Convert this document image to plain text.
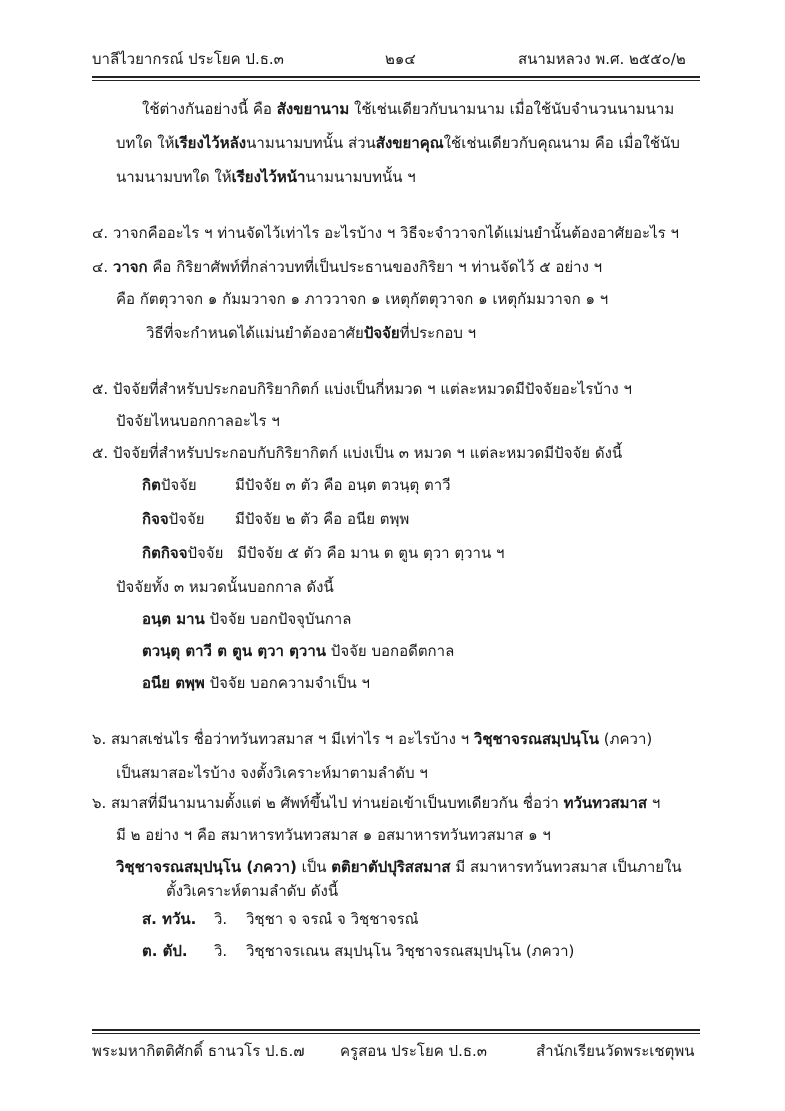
บาลีไวยากรณ์ ประโยค ป.ธ.๓	๒๑๔	สนามหลวง พ.ศ. ๒๕๕๐/๒
ใช้ต่างกันอย่างนี้ คือ สังขยานาม ใช้เช่นเดียวกับนามนาม เมื่อใช้นับจำนวนนามนาม
บทใด ให้เรียงไว้หลังนามนามบทนั้น ส่วนสังขยาคุณใช้เช่นเดียวกับคุณนาม คือ เมื่อใช้นับ
นามนามบทใด ให้เรียงไว้หน้านามนามบทนั้น ฯ
๔. วาจกคืออะไร ฯ ท่านจัดไว้เท่าไร อะไรบ้าง ฯ วิธีจะจำวาจกได้แม่นยำนั้นต้องอาศัยอะไร ฯ
๔. วาจก คือ กิริยาศัพท์ที่กล่าวบทที่เป็นประธานของกิริยา ฯ ท่านจัดไว้ ๕ อย่าง ฯ
คือ กัตตุวาจก ๑ กัมมวาจก ๑ ภาววาจก ๑ เหตุกัตตุวาจก ๑ เหตุกัมมวาจก ๑ ฯ
วิธีที่จะกำหนดได้แม่นยำต้องอาศัยปัจจัยที่ประกอบ ฯ
๕. ปัจจัยที่สำหรับประกอบกิริยากิตก์ แบ่งเป็นกี่หมวด ฯ แต่ละหมวดมีปัจจัยอะไรบ้าง ฯ
ปัจจัยไหนบอกกาลอะไร ฯ
๕. ปัจจัยที่สำหรับประกอบกับกิริยากิตก์ แบ่งเป็น ๓ หมวด ฯ แต่ละหมวดมีปัจจัย ดังนี้
กิตปัจจัย	มีปัจจัย ๓ ตัว คือ อนฺต ตวนฺตุ ตาวี
กิจจปัจจัย มีปัจจัย ๒ ตัว คือ อนีย ตพฺพ
กิตกิจจปัจจัย มีปัจจัย ๕ ตัว คือ มาน ต ตูน ตฺวา ตฺวาน ฯ
ปัจจัยทั้ง ๓ หมวดนั้นบอกกาล ดังนี้
อนฺต มาน ปัจจัย บอกปัจจุบันกาล
ตวนฺตุ ตาวี ต ตูน ตฺวา ตฺวาน ปัจจัย บอกอดีตกาล
อนีย ตพฺพ ปัจจัย บอกความจำเป็น ฯ
๖. สมาสเช่นไร ชื่อว่าทวันทวสมาส ฯ มีเท่าไร ฯ อะไรบ้าง ฯ วิชฺชาจรณสมฺปนฺโน (ภควา)
เป็นสมาสอะไรบ้าง จงตั้งวิเคราะห์มาตามลำดับ ฯ
๖. สมาสที่มีนามนามตั้งแต่ ๒ ศัพท์ขึ้นไป ท่านย่อเข้าเป็นบทเดียวกัน ชื่อว่า ทวันทวสมาส ฯ
มี ๒ อย่าง ฯ คือ สมาหารทวันทวสมาส ๑ อสมาหารทวันทวสมาส ๑ ฯ
วิชฺชาจรณสมฺปนฺโน (ภควา) เป็น ตติยาตัปปุริสสมาส มี สมาหารทวันทวสมาส เป็นภายใน
ตั้งวิเคราะห์ตามลำดับ ดังนี้
ส. ทวัน. วิ. วิชฺชา จ จรณํ จ วิชฺชาจรณํ
ต. ตัป. วิ. วิชฺชาจรเณน สมฺปนฺโน วิชฺชาจรณสมฺปนฺโน (ภควา)
พระมหากิตติศักดิ์ ธานวโร ป.ธ.๗ ครูสอน ประโยค ป.ธ.๓	สำนักเรียนวัดพระเชตุพน
